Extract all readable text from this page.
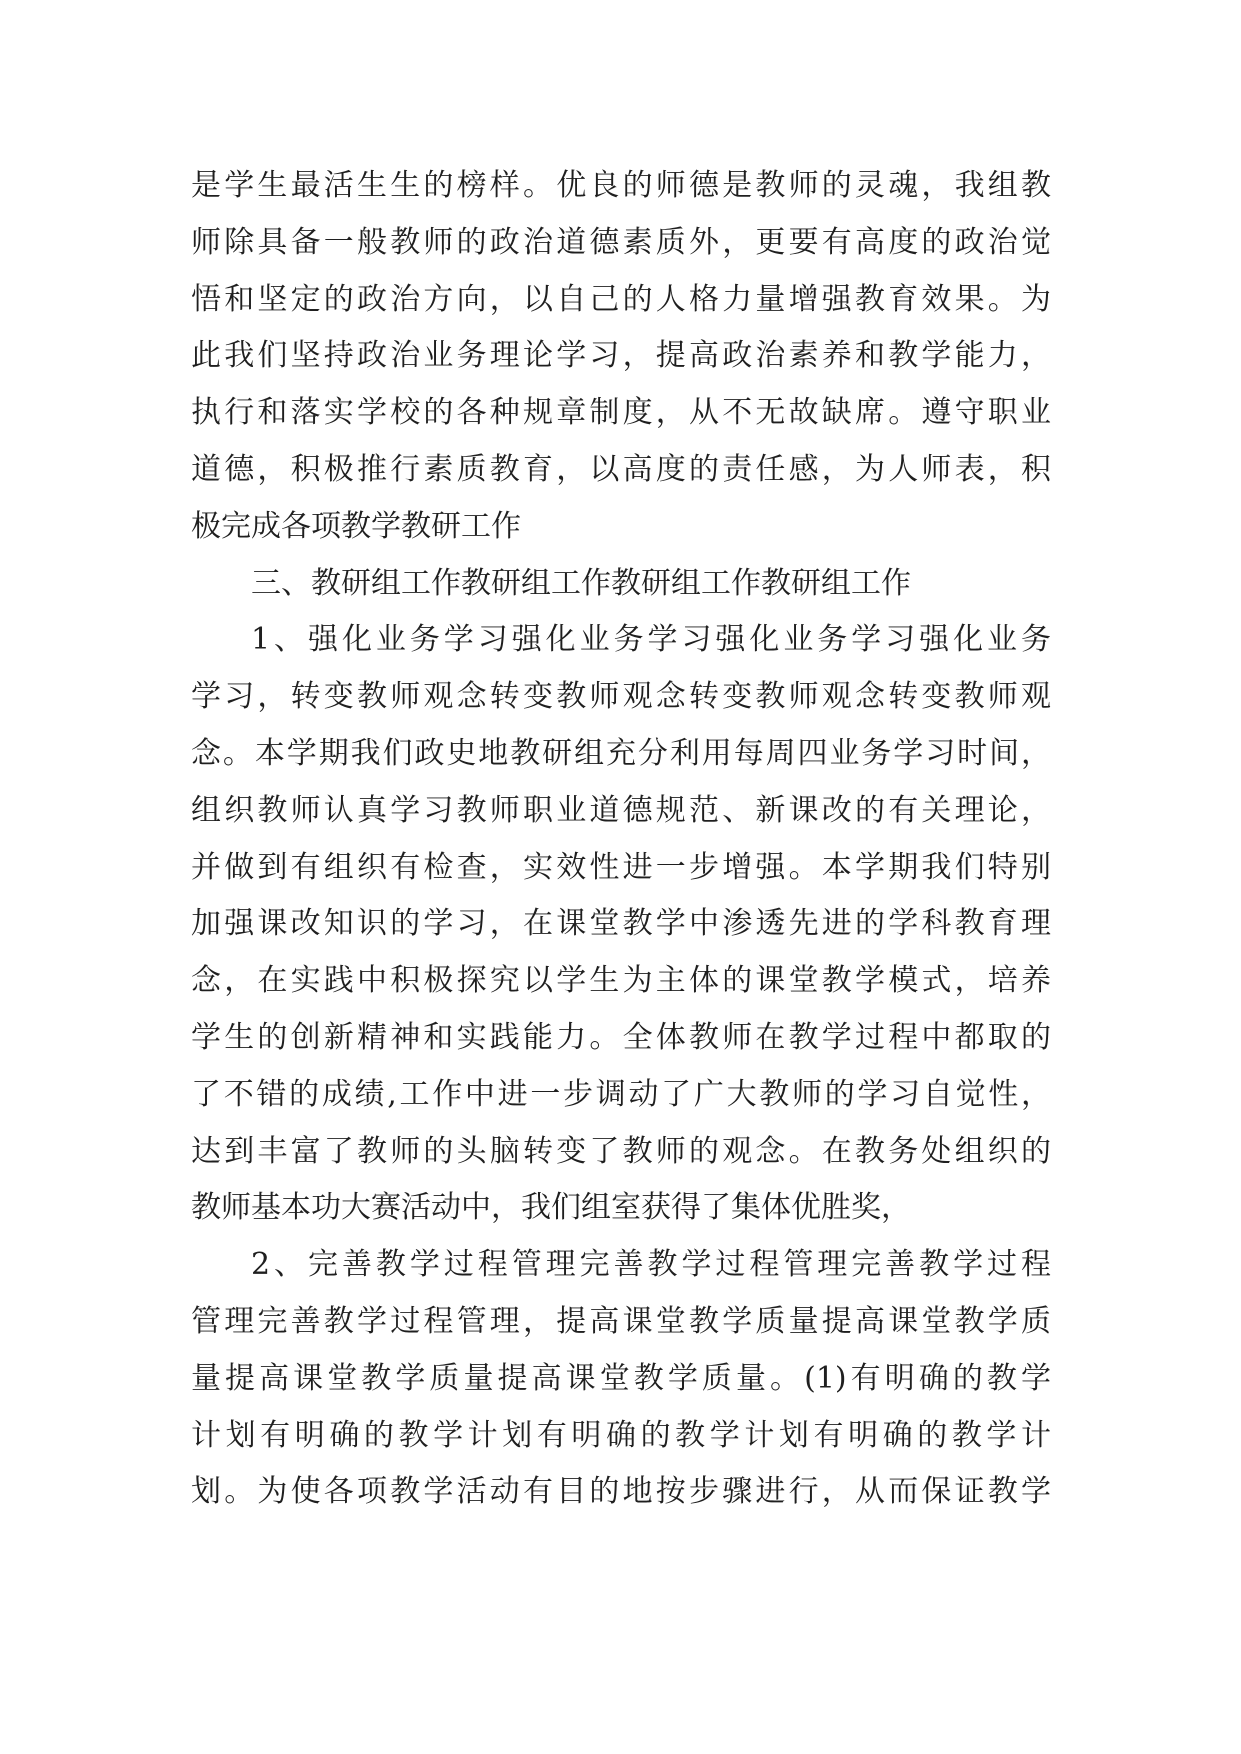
是学生最活生生的榜样。优良的师德是教师的灵魂，我组教
师除具备一般教师的政治道德素质外，更要有高度的政治觉
悟和坚定的政治方向，以自己的人格力量增强教育效果。为
此我们坚持政治业务理论学习，提高政治素养和教学能力，
执行和落实学校的各种规章制度，从不无故缺席。遵守职业
道德，积极推行素质教育，以高度的责任感，为人师表，积
极完成各项教学教研工作
三、教研组工作教研组工作教研组工作教研组工作
1、强化业务学习强化业务学习强化业务学习强化业务
学习，转变教师观念转变教师观念转变教师观念转变教师观
念。本学期我们政史地教研组充分利用每周四业务学习时间，
组织教师认真学习教师职业道德规范、新课改的有关理论，
并做到有组织有检查，实效性进一步增强。本学期我们特别
加强课改知识的学习，在课堂教学中渗透先进的学科教育理
念，在实践中积极探究以学生为主体的课堂教学模式，培养
学生的创新精神和实践能力。全体教师在教学过程中都取的
了不错的成绩,工作中进一步调动了广大教师的学习自觉性，
达到丰富了教师的头脑转变了教师的观念。在教务处组织的
教师基本功大赛活动中，我们组室获得了集体优胜奖，
2、完善教学过程管理完善教学过程管理完善教学过程
管理完善教学过程管理，提高课堂教学质量提高课堂教学质
量提高课堂教学质量提高课堂教学质量。(1)有明确的教学
计划有明确的教学计划有明确的教学计划有明确的教学计
划。为使各项教学活动有目的地按步骤进行，从而保证教学
